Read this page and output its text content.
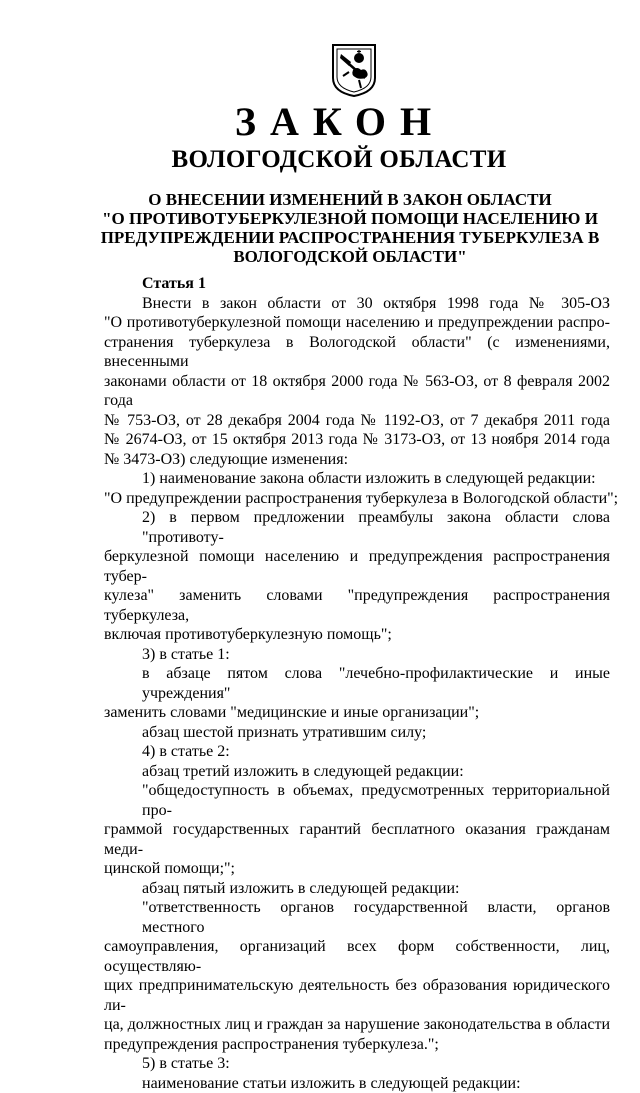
ЗАКОН
ВОЛОГОДСКОЙ ОБЛАСТИ
О ВНЕСЕНИИ ИЗМЕНЕНИЙ В ЗАКОН ОБЛАСТИ
"О ПРОТИВОТУБЕРКУЛЕЗНОЙ ПОМОЩИ НАСЕЛЕНИЮ И
ПРЕДУПРЕЖДЕНИИ РАСПРОСТРАНЕНИЯ ТУБЕРКУЛЕЗА В
ВОЛОГОДСКОЙ ОБЛАСТИ"
Статья 1
Внести в закон области от 30 октября 1998 года № 305-ОЗ
"О противотуберкулезной помощи населению и предупреждении распро-
странения туберкулеза в Вологодской области" (с изменениями, внесенными
законами области от 18 октября 2000 года № 563-ОЗ, от 8 февраля 2002 года
№ 753-ОЗ, от 28 декабря 2004 года № 1192-ОЗ, от 7 декабря 2011 года
№ 2674-ОЗ, от 15 октября 2013 года № 3173-ОЗ, от 13 ноября 2014 года
№ 3473-ОЗ) следующие изменения:
1) наименование закона области изложить в следующей редакции:
"О предупреждении распространения туберкулеза в Вологодской области";
2) в первом предложении преамбулы закона области слова "противоту-
беркулезной помощи населению и предупреждения распространения тубер-
кулеза" заменить словами "предупреждения распространения туберкулеза,
включая противотуберкулезную помощь";
3) в статье 1:
в абзаце пятом слова "лечебно-профилактические и иные учреждения"
заменить словами "медицинские и иные организации";
абзац шестой признать утратившим силу;
4) в статье 2:
абзац третий изложить в следующей редакции:
"общедоступность в объемах, предусмотренных территориальной про-
граммой государственных гарантий бесплатного оказания гражданам меди-
цинской помощи;";
абзац пятый изложить в следующей редакции:
"ответственность органов государственной власти, органов местного
самоуправления, организаций всех форм собственности, лиц, осуществляю-
щих предпринимательскую деятельность без образования юридического ли-
ца, должностных лиц и граждан за нарушение законодательства в области
предупреждения распространения туберкулеза.";
5) в статье 3:
наименование статьи изложить в следующей редакции:
